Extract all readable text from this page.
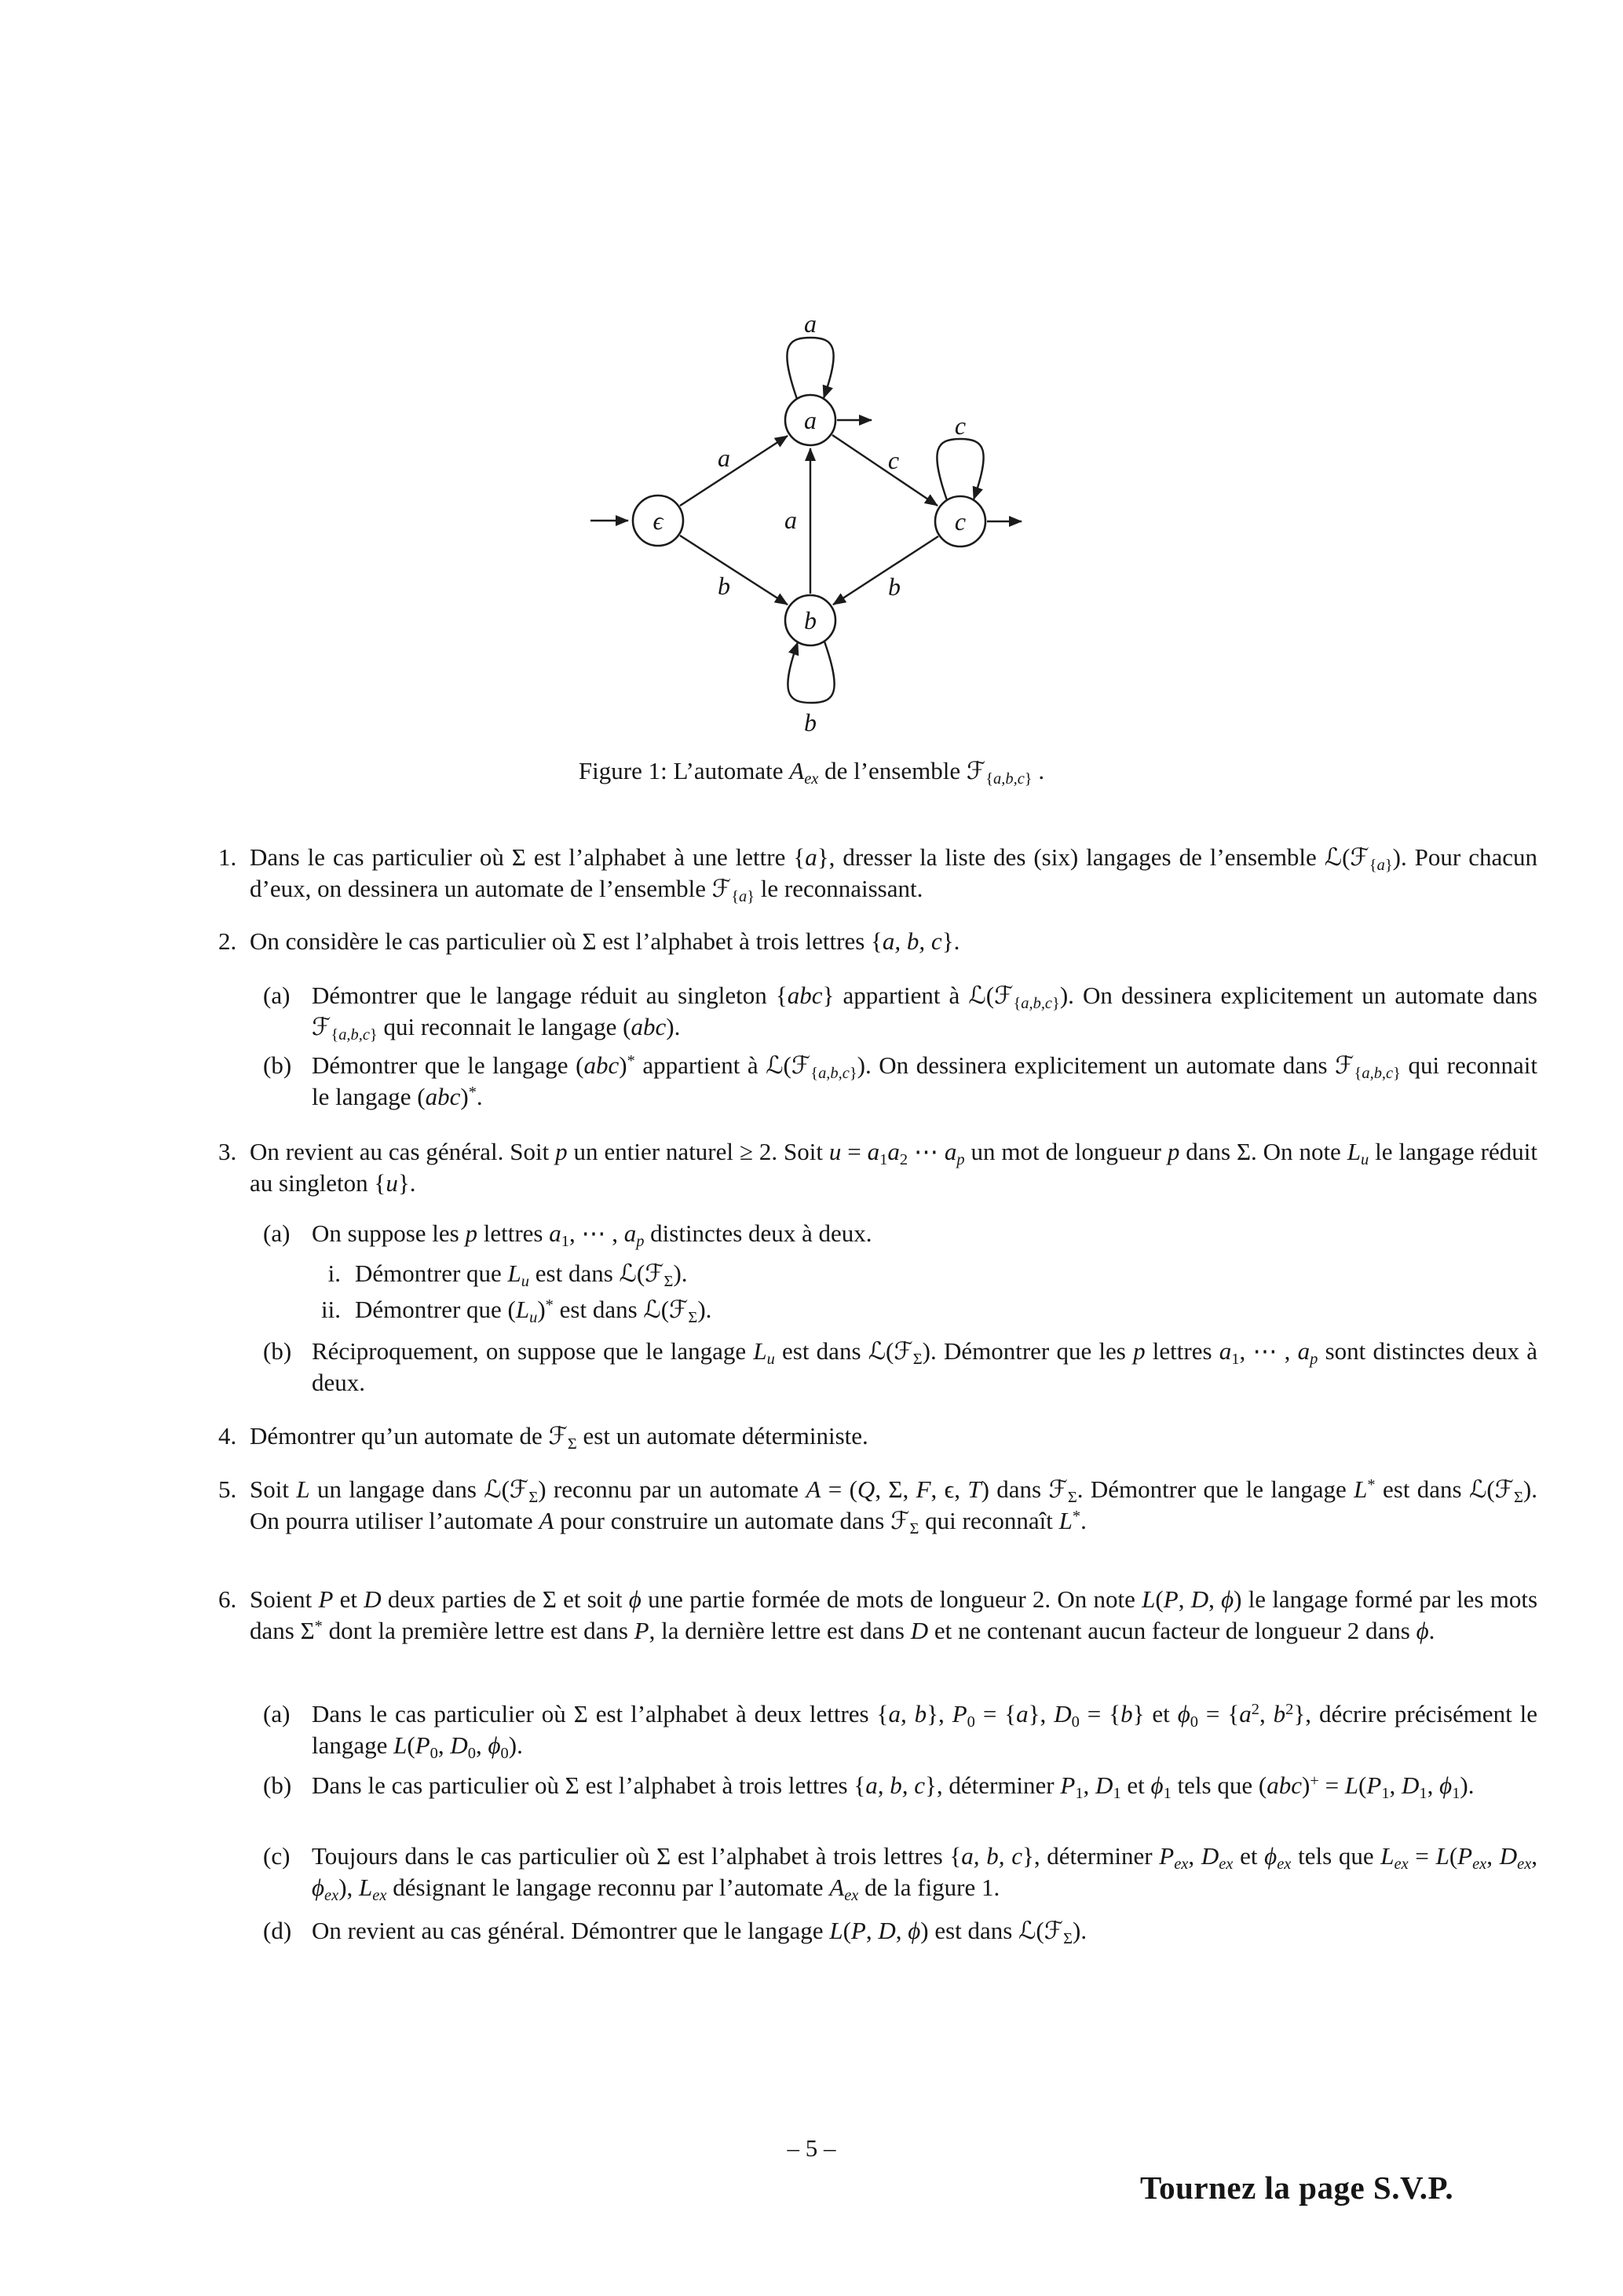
ϵ
a
b
c
a
b
a
c
b
a
b
c
Figure 1: L’automate $A_{ex}$ de l’ensemble ℱ$_{\{a,b,c\}}$ .
1. Dans le cas particulier où Σ est l’alphabet à une lettre {a}, dresser la liste des (six) langages de l’ensemble ℒ(ℱ$_{\{a\}}$). Pour chacun d’eux, on dessinera un automate de l’ensemble ℱ$_{\{a\}}$ le reconnaissant.
2. On considère le cas particulier où Σ est l’alphabet à trois lettres {a, b, c}.
(a) Démontrer que le langage réduit au singleton {abc} appartient à ℒ(ℱ$_{\{a,b,c\}}$). On dessinera explicitement un automate dans ℱ$_{\{a,b,c\}}$ qui reconnait le langage (abc).
(b) Démontrer que le langage (abc)* appartient à ℒ(ℱ$_{\{a,b,c\}}$). On dessinera explicitement un automate dans ℱ$_{\{a,b,c\}}$ qui reconnait le langage (abc)*.
3. On revient au cas général. Soit p un entier naturel ≥ 2. Soit $u = a_1a_2$ ⋯ $a_p$ un mot de longueur p dans Σ. On note $L_u$ le langage réduit au singleton {u}.
(a) On suppose les p lettres $a_1$, ⋯ , $a_p$ distinctes deux à deux.
i. Démontrer que $L_u$ est dans ℒ(ℱ$_\Sigma$).
ii. Démontrer que $(L_u)^*$ est dans ℒ(ℱ$_\Sigma$).
(b) Réciproquement, on suppose que le langage $L_u$ est dans ℒ(ℱ$_\Sigma$). Démontrer que les p lettres $a_1$, ⋯ , $a_p$ sont distinctes deux à deux.
4. Démontrer qu’un automate de ℱ$_\Sigma$ est un automate déterministe.
5. Soit L un langage dans ℒ(ℱ$_\Sigma$) reconnu par un automate A = (Q, Σ, F, ϵ, T) dans ℱ$_\Sigma$. Démontrer que le langage L* est dans ℒ(ℱ$_\Sigma$). On pourra utiliser l’automate A pour construire un automate dans ℱ$_\Sigma$ qui reconnaît L*.
6. Soient P et D deux parties de Σ et soit ϕ une partie formée de mots de longueur 2. On note L(P, D, ϕ) le langage formé par les mots dans Σ* dont la première lettre est dans P, la dernière lettre est dans D et ne contenant aucun facteur de longueur 2 dans ϕ.
(a) Dans le cas particulier où Σ est l’alphabet à deux lettres {a, b}, $P_0 = \{a\}$, $D_0 = \{b\}$ et $\phi_0 = \{a^2$, $b^2$}, décrire précisément le langage $L(P_0$, $D_0$, $\phi_0$).
(b) Dans le cas particulier où Σ est l’alphabet à trois lettres {a, b, c}, déterminer $P_1$, $D_1$ et $\phi_1$ tels que $(abc)^+ = L(P_1$, $D_1$, $\phi_1$).
(c) Toujours dans le cas particulier où Σ est l’alphabet à trois lettres {a, b, c}, déterminer $P_{ex}$, $D_{ex}$ et $\phi_{ex}$ tels que $L_{ex} = L(P_{ex}$, $D_{ex}$, $\phi_{ex}$), $L_{ex}$ désignant le langage reconnu par l’automate $A_{ex}$ de la figure 1.
(d) On revient au cas général. Démontrer que le langage L(P, D, ϕ) est dans ℒ(ℱ$_\Sigma$).
– 5 –
Tournez la page S.V.P.
